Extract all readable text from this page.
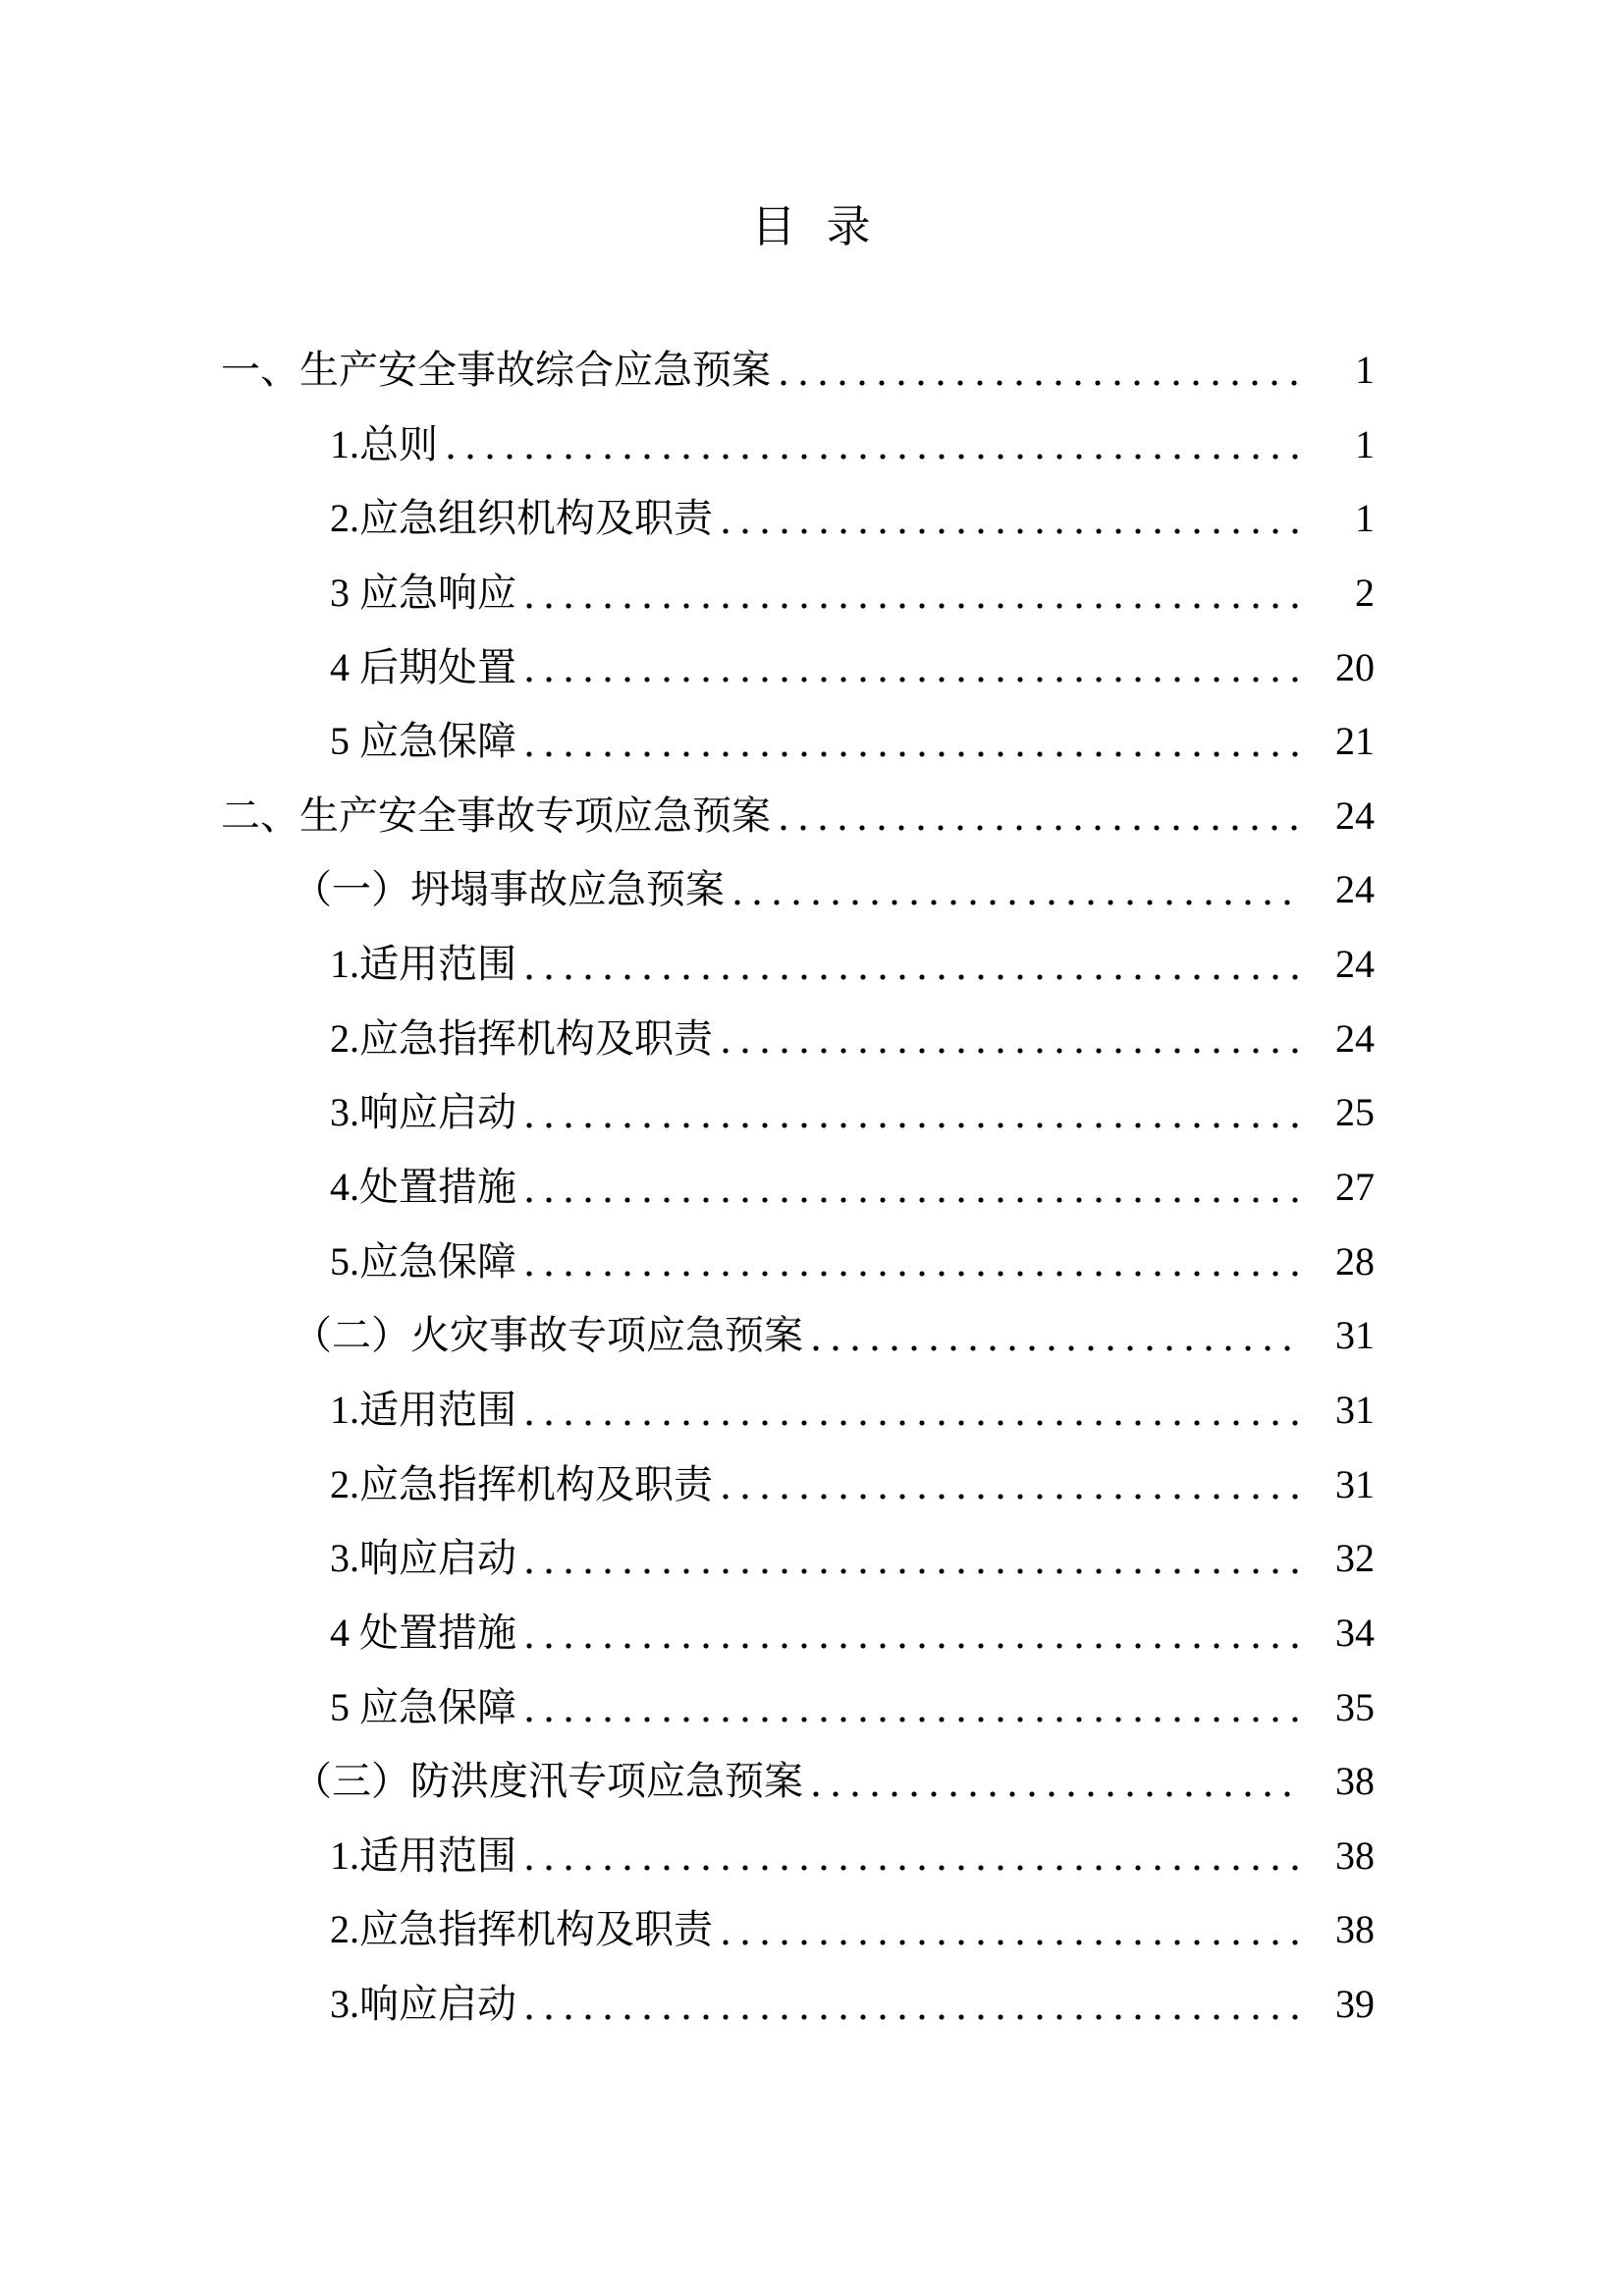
目 录
一、生产安全事故综合应急预案	1
1.总则	1
2.应急组织机构及职责	1
3 应急响应	2
4 后期处置	20
5 应急保障	21
二、生产安全事故专项应急预案	24
（一）坍塌事故应急预案	24
1.适用范围	24
2.应急指挥机构及职责	24
3.响应启动	25
4.处置措施	27
5.应急保障	28
（二）火灾事故专项应急预案	31
1.适用范围	31
2.应急指挥机构及职责	31
3.响应启动	32
4 处置措施	34
5 应急保障	35
（三）防洪度汛专项应急预案	38
1.适用范围	38
2.应急指挥机构及职责	38
3.响应启动	39
